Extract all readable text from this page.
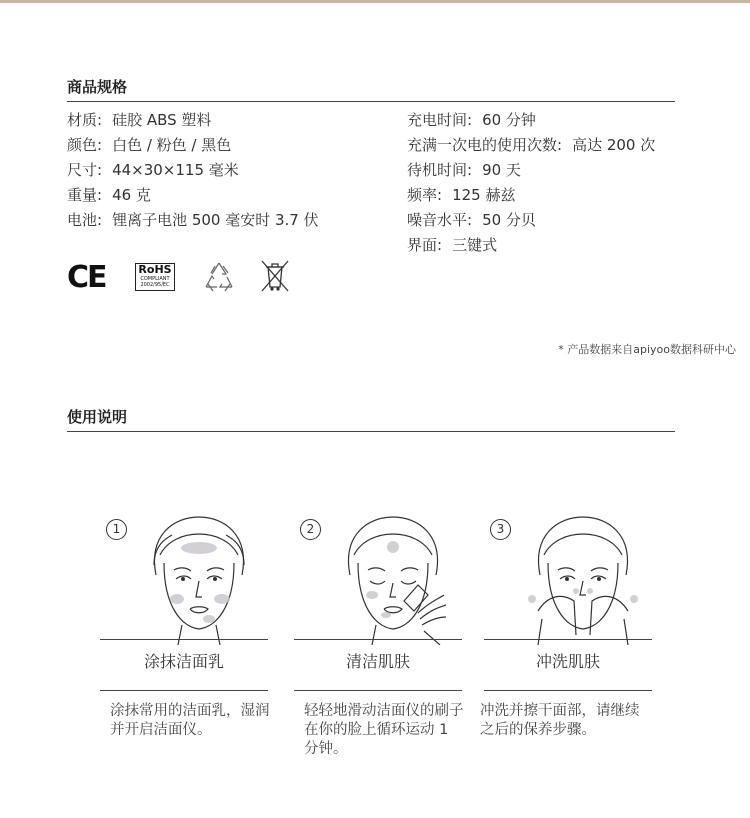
商品规格
材质: 硅胶 ABS 塑料
颜色: 白色 / 粉色 / 黑色
尺寸: 44×30×115 毫米
重量: 46 克
电池: 锂离子电池 500 毫安时 3.7 伏
充电时间: 60 分钟
充满一次电的使用次数: 高达 200 次
待机时间: 90 天
频率: 125 赫兹
噪音水平: 50 分贝
界面: 三键式
CE	RoHS
COMPLIANT
2002/95/EC
* 产品数据来自apiyoo数据科研中心
使用说明
1
涂抹洁面乳
涂抹常用的洁面乳，湿润并开启洁面仪。
2
清洁肌肤
轻轻地滑动洁面仪的刷子在你的脸上循环运动 1 分钟。
3
冲洗肌肤
冲洗并擦干面部，请继续之后的保养步骤。
